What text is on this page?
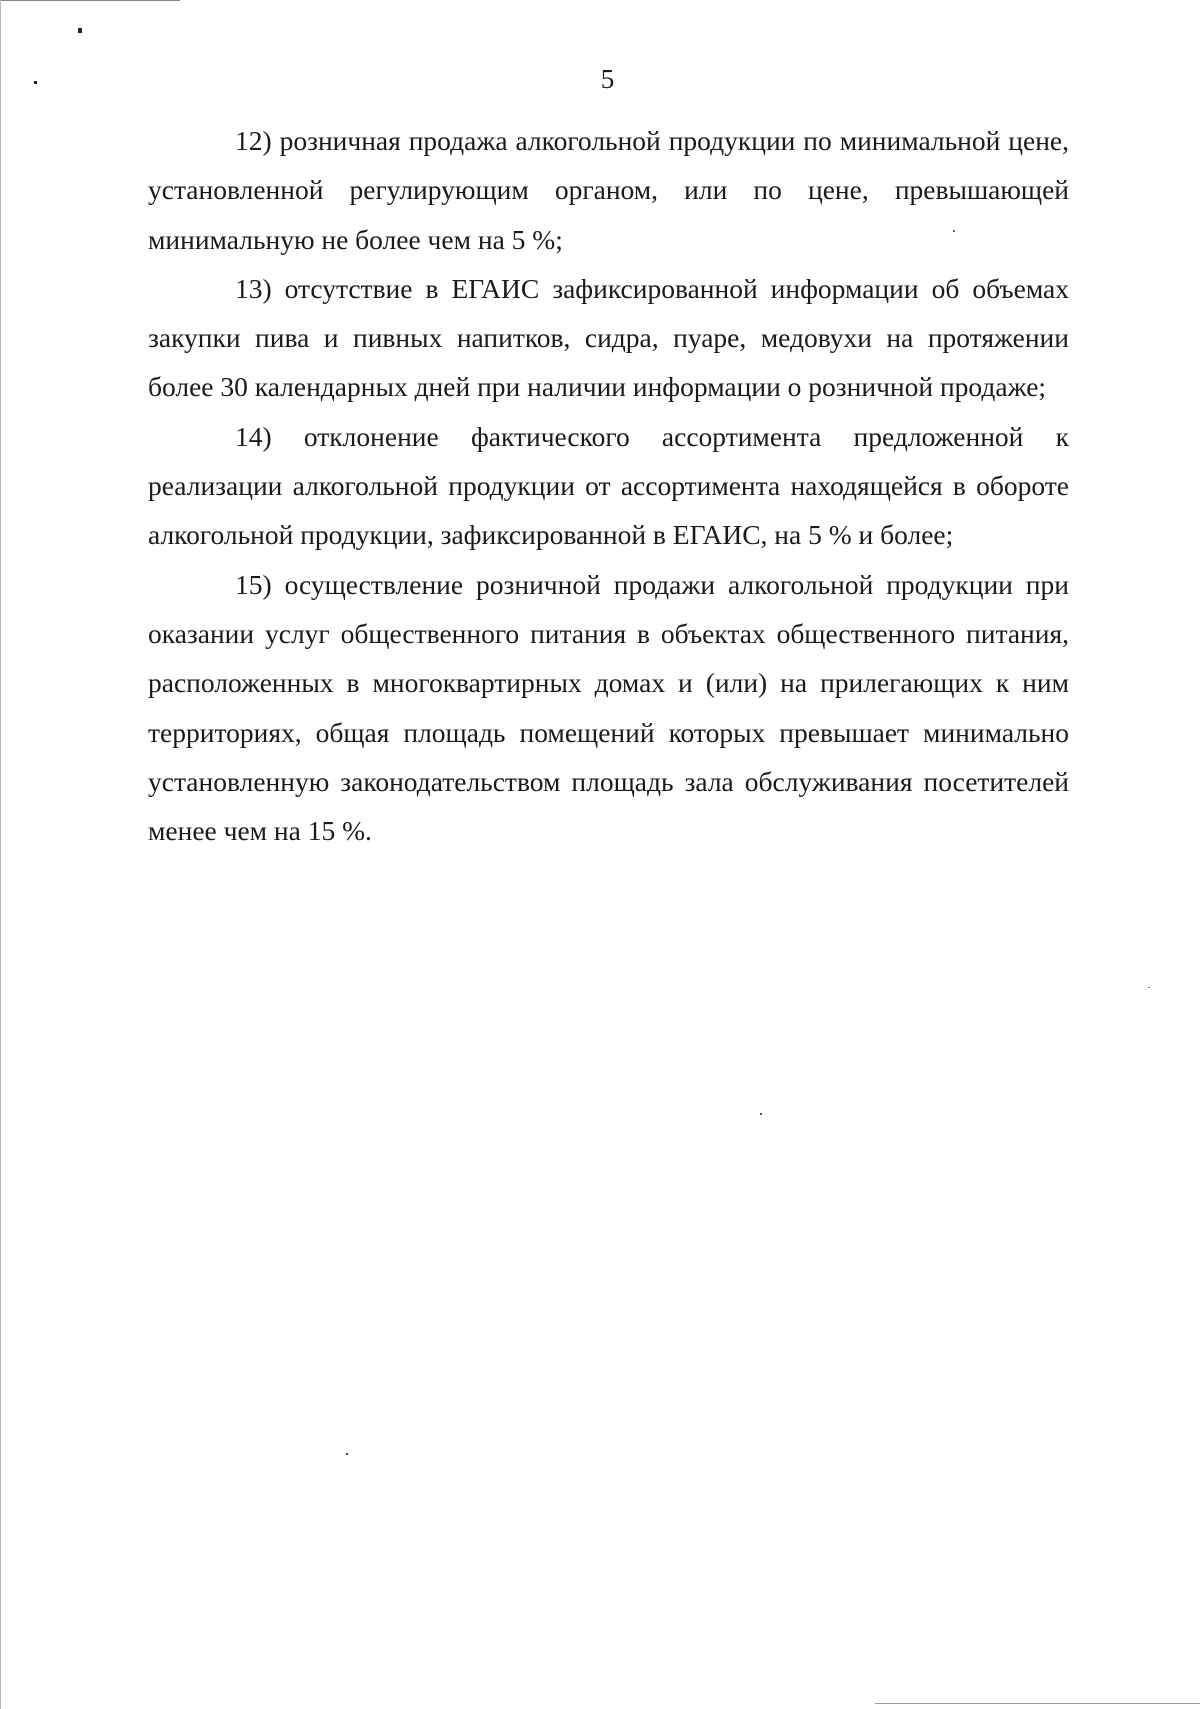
5

12) розничная продажа алкогольной продукции по минимальной цене, установленной регулирующим органом, или по цене, превышающей минимальную не более чем на 5 %;

13) отсутствие в ЕГАИС зафиксированной информации об объемах закупки пива и пивных напитков, сидра, пуаре, медовухи на протяжении более 30 календарных дней при наличии информации о розничной продаже;

14) отклонение фактического ассортимента предложенной к реализации алкогольной продукции от ассортимента находящейся в обороте алкогольной продукции, зафиксированной в ЕГАИС, на 5 % и более;

15) осуществление розничной продажи алкогольной продукции при оказании услуг общественного питания в объектах общественного питания, расположенных в многоквартирных домах и (или) на прилегающих к ним территориях, общая площадь помещений которых превышает минимально установленную законодательством площадь зала обслуживания посетителей менее чем на 15 %.
